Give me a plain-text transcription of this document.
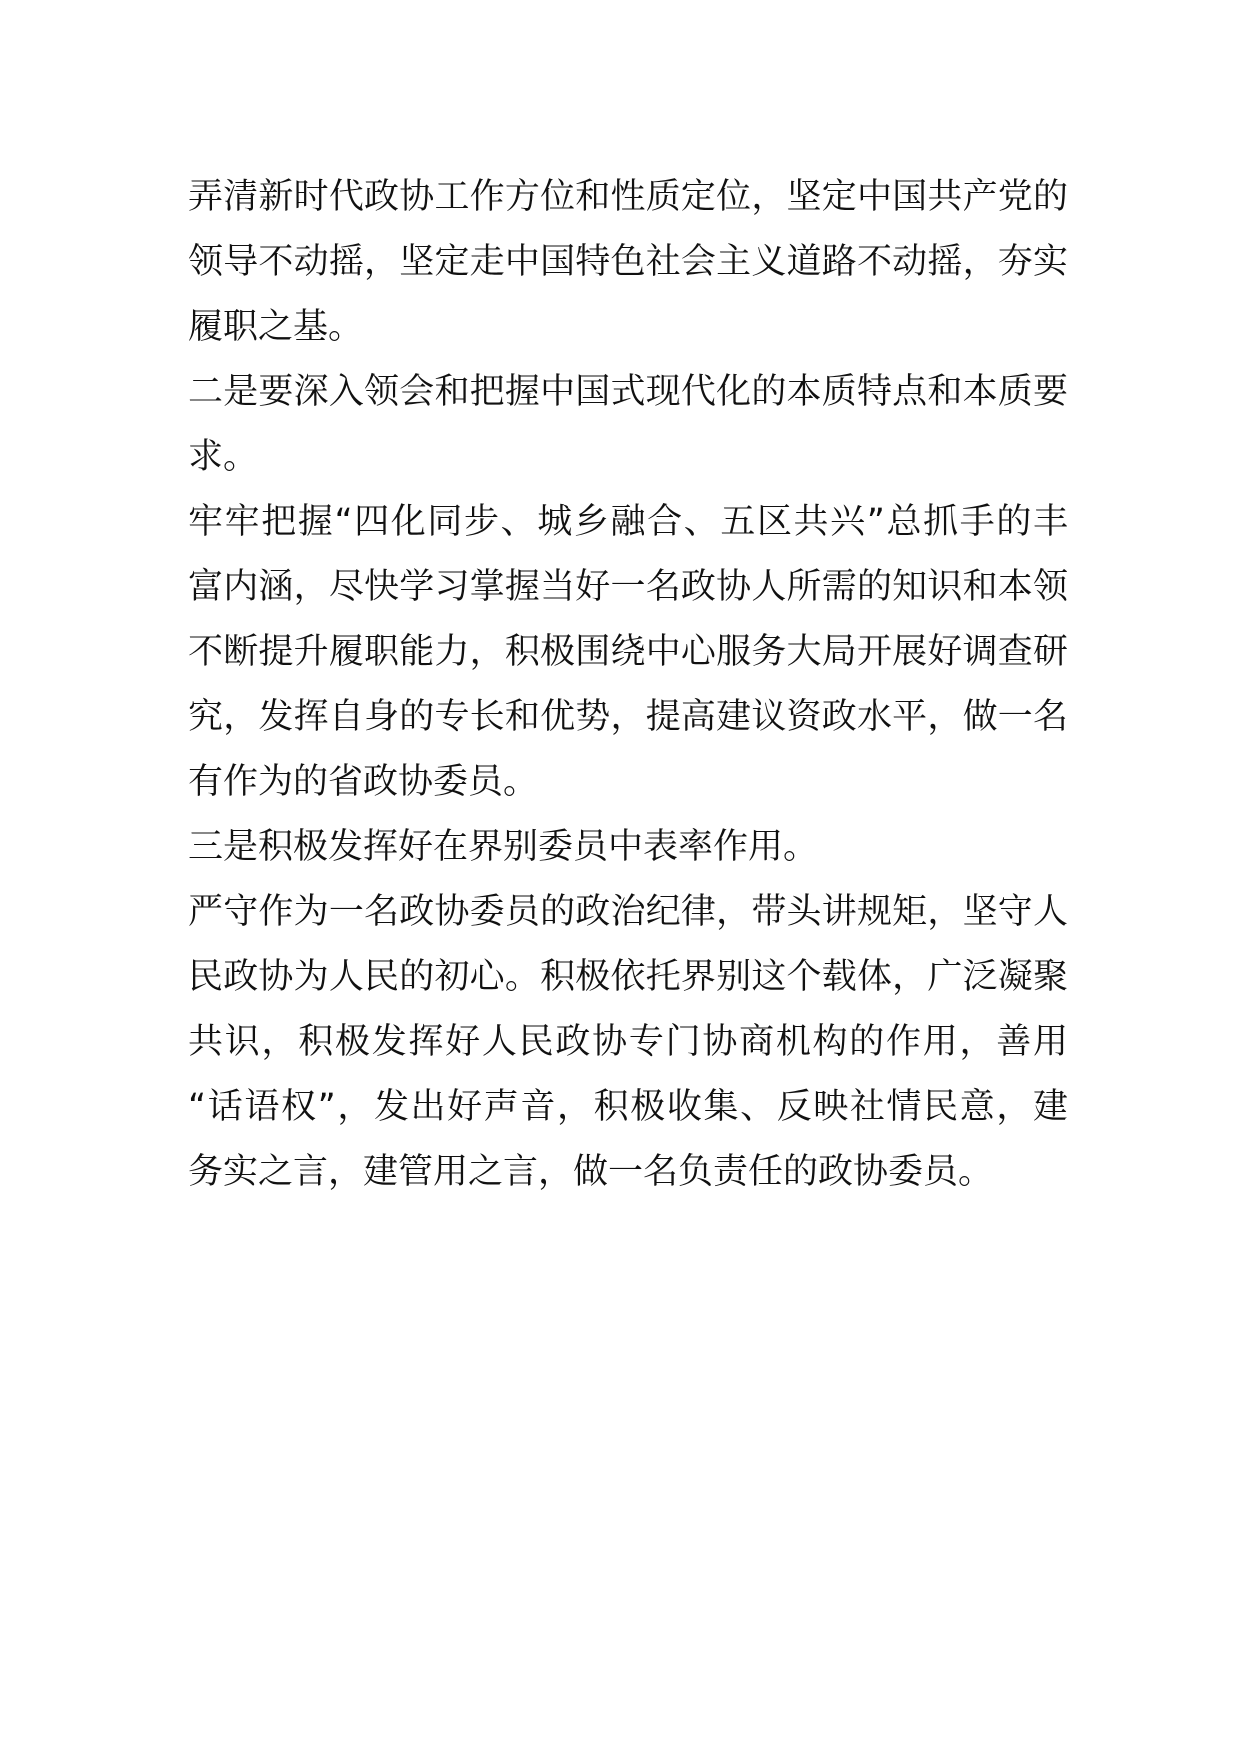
弄清新时代政协工作方位和性质定位，坚定中国共产党的
领导不动摇，坚定走中国特色社会主义道路不动摇，夯实
履职之基。
二是要深入领会和把握中国式现代化的本质特点和本质要
求。
牢牢把握“四化同步、城乡融合、五区共兴”总抓手的丰
富内涵，尽快学习掌握当好一名政协人所需的知识和本领
不断提升履职能力，积极围绕中心服务大局开展好调查研
究，发挥自身的专长和优势，提高建议资政水平，做一名
有作为的省政协委员。
三是积极发挥好在界别委员中表率作用。
严守作为一名政协委员的政治纪律，带头讲规矩，坚守人
民政协为人民的初心。积极依托界别这个载体，广泛凝聚
共识，积极发挥好人民政协专门协商机构的作用，善用
“话语权”，发出好声音，积极收集、反映社情民意，建
务实之言，建管用之言，做一名负责任的政协委员。
